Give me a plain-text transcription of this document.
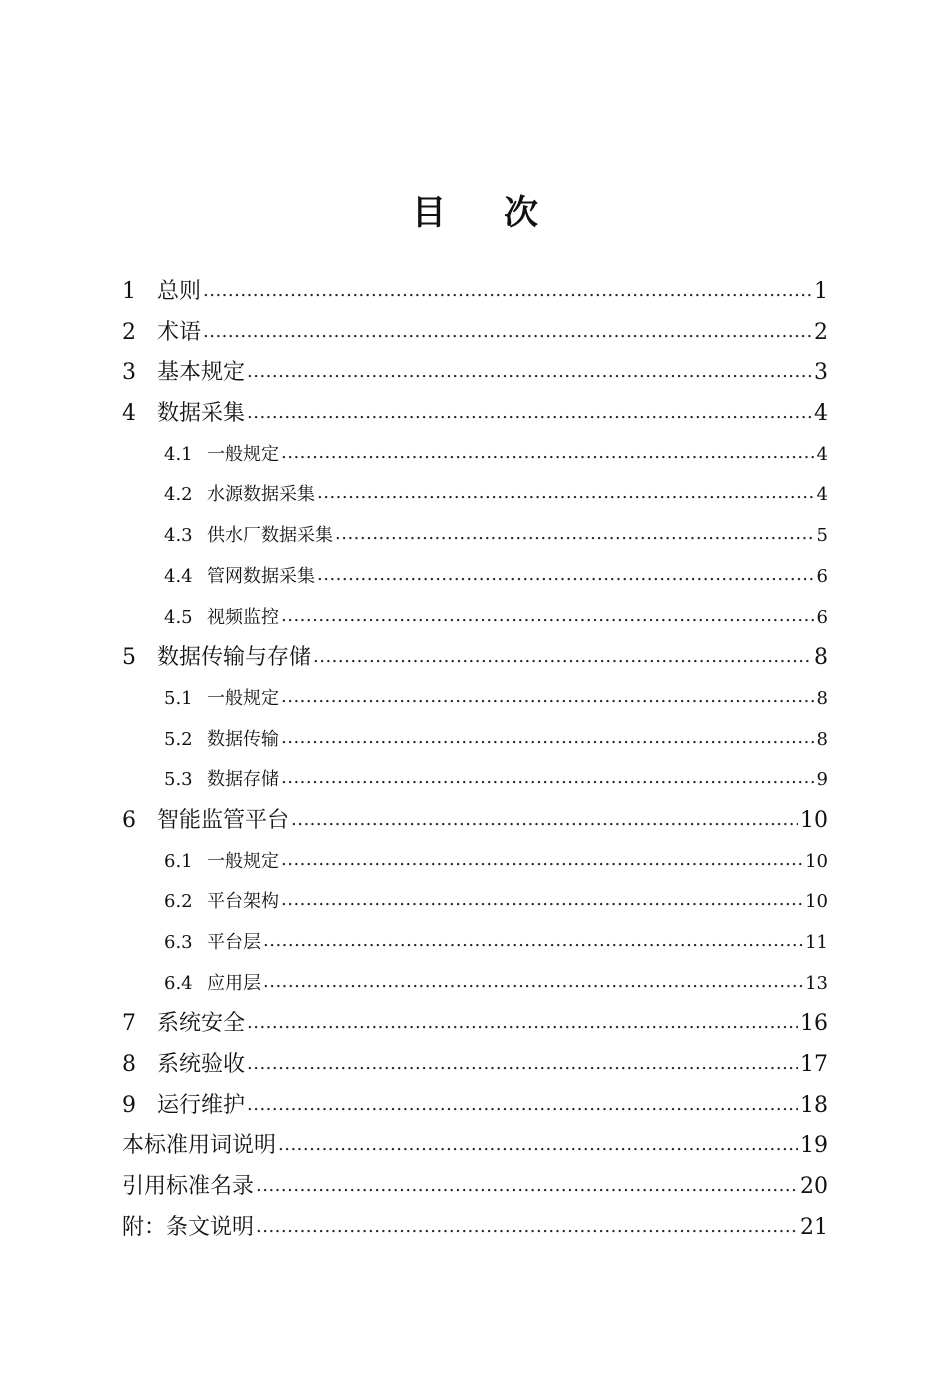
目 次
1 总则 .....	1
2 术语 .....	2
3 基本规定 .....	3
4 数据采集 .....	4
4.1 一般规定 .....	4
4.2 水源数据采集 .....	4
4.3 供水厂数据采集 .....	5
4.4 管网数据采集 .....	6
4.5 视频监控 .....	6
5 数据传输与存储 .....	8
5.1 一般规定 .....	8
5.2 数据传输 .....	8
5.3 数据存储 .....	9
6 智能监管平台 .....	10
6.1 一般规定 .....	10
6.2 平台架构 .....	10
6.3 平台层 .....	11
6.4 应用层 .....	13
7 系统安全 .....	16
8 系统验收 .....	17
9 运行维护 .....	18
本标准用词说明 .....	19
引用标准名录 .....	20
附：条文说明 .....	21
